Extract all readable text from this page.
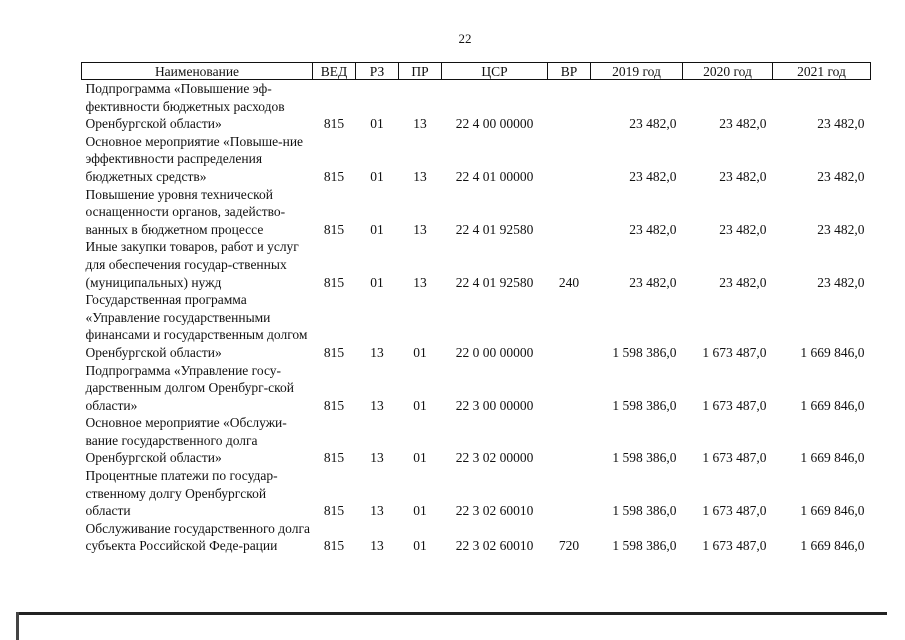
22
Наименование	ВЕД	РЗ	ПР	ЦСР	ВР	2019 год	2020 год	2021 год
Подпрограмма «Повышение эф-фективности бюджетных расходов Оренбургской области»	815	01	13	22 4 00 00000		23 482,0	23 482,0	23 482,0
Основное мероприятие «Повыше-ние эффективности распределения бюджетных средств»	815	01	13	22 4 01 00000		23 482,0	23 482,0	23 482,0
Повышение уровня технической оснащенности органов, задейство-ванных в бюджетном процессе	815	01	13	22 4 01 92580		23 482,0	23 482,0	23 482,0
Иные закупки товаров, работ и услуг для обеспечения государ-ственных (муниципальных) нужд	815	01	13	22 4 01 92580	240	23 482,0	23 482,0	23 482,0
Государственная программа «Управление государственными финансами и государственным долгом Оренбургской области»	815	13	01	22 0 00 00000		1 598 386,0	1 673 487,0	1 669 846,0
Подпрограмма «Управление госу-дарственным долгом Оренбург-ской области»	815	13	01	22 3 00 00000		1 598 386,0	1 673 487,0	1 669 846,0
Основное мероприятие «Обслужи-вание государственного долга Оренбургской области»	815	13	01	22 3 02 00000		1 598 386,0	1 673 487,0	1 669 846,0
Процентные платежи по государ-ственному долгу Оренбургской области	815	13	01	22 3 02 60010		1 598 386,0	1 673 487,0	1 669 846,0
Обслуживание государственного долга субъекта Российской Феде-рации	815	13	01	22 3 02 60010	720	1 598 386,0	1 673 487,0	1 669 846,0
